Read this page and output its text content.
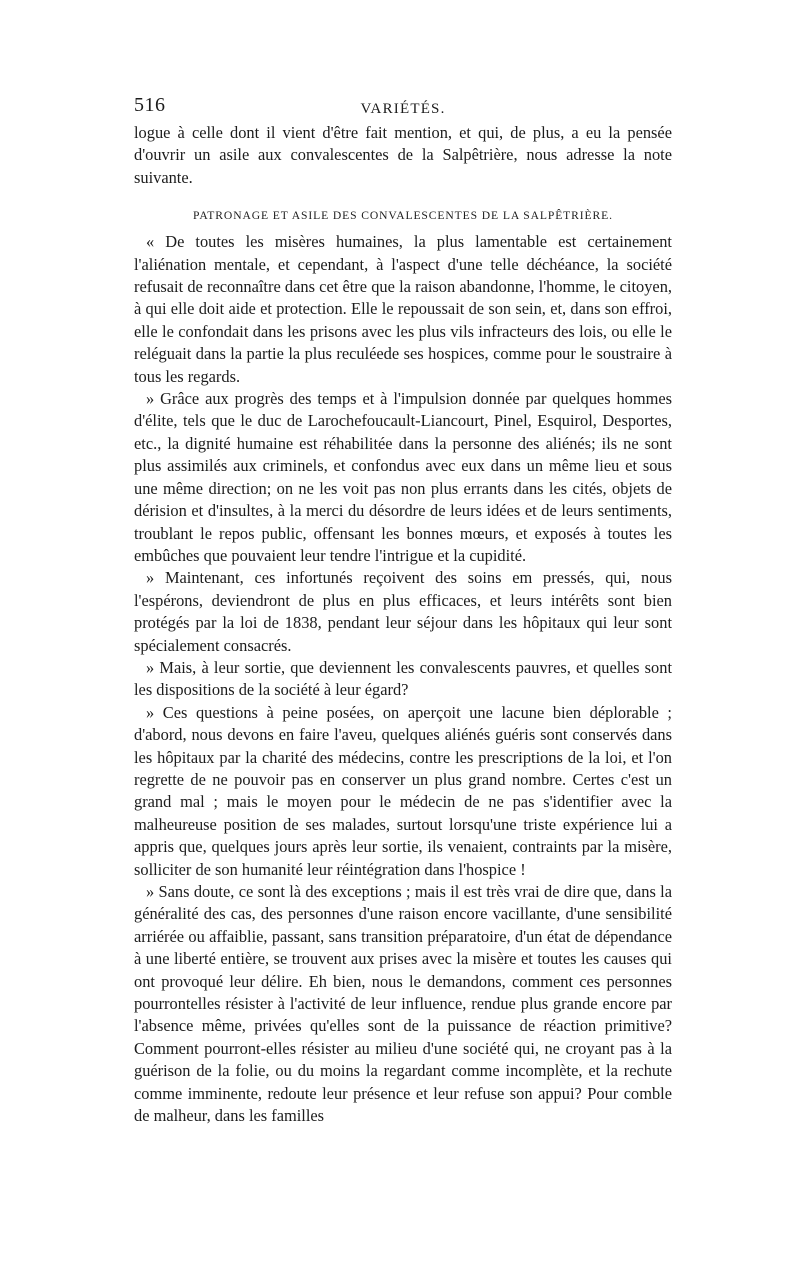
516	VARIÉTÉS.

logue à celle dont il vient d'être fait mention, et qui, de plus, a eu la pensée d'ouvrir un asile aux convalescentes de la Salpêtrière, nous adresse la note suivante.

PATRONAGE ET ASILE DES CONVALESCENTES DE LA SALPÊTRIÈRE.

« De toutes les misères humaines, la plus lamentable est certainement l'aliénation mentale, et cependant, à l'aspect d'une telle déchéance, la société refusait de reconnaître dans cet être que la raison abandonne, l'homme, le citoyen, à qui elle doit aide et protection. Elle le repoussait de son sein, et, dans son effroi, elle le confondait dans les prisons avec les plus vils infracteurs des lois, ou elle le reléguait dans la partie la plus reculéede ses hospices, comme pour le soustraire à tous les regards.

» Grâce aux progrès des temps et à l'impulsion donnée par quelques hommes d'élite, tels que le duc de Larochefoucault-Liancourt, Pinel, Esquirol, Desportes, etc., la dignité humaine est réhabilitée dans la personne des aliénés; ils ne sont plus assimilés aux criminels, et confondus avec eux dans un même lieu et sous une même direction; on ne les voit pas non plus errants dans les cités, objets de dérision et d'insultes, à la merci du désordre de leurs idées et de leurs sentiments, troublant le repos public, offensant les bonnes mœurs, et exposés à toutes les embûches que pouvaient leur tendre l'intrigue et la cupidité.

» Maintenant, ces infortunés reçoivent des soins em pressés, qui, nous l'espérons, deviendront de plus en plus efficaces, et leurs intérêts sont bien protégés par la loi de 1838, pendant leur séjour dans les hôpitaux qui leur sont spécialement consacrés.

» Mais, à leur sortie, que deviennent les convalescents pauvres, et quelles sont les dispositions de la société à leur égard?

» Ces questions à peine posées, on aperçoit une lacune bien déplorable ; d'abord, nous devons en faire l'aveu, quelques aliénés guéris sont conservés dans les hôpitaux par la charité des médecins, contre les prescriptions de la loi, et l'on regrette de ne pouvoir pas en conserver un plus grand nombre. Certes c'est un grand mal ; mais le moyen pour le médecin de ne pas s'identifier avec la malheureuse position de ses malades, surtout lorsqu'une triste expérience lui a appris que, quelques jours après leur sortie, ils venaient, contraints par la misère, solliciter de son humanité leur réintégration dans l'hospice !

» Sans doute, ce sont là des exceptions ; mais il est très vrai de dire que, dans la généralité des cas, des personnes d'une raison encore vacillante, d'une sensibilité arriérée ou affaiblie, passant, sans transition préparatoire, d'un état de dépendance à une liberté entière, se trouvent aux prises avec la misère et toutes les causes qui ont provoqué leur délire. Eh bien, nous le demandons, comment ces personnes pourrontelles résister à l'activité de leur influence, rendue plus grande encore par l'absence même, privées qu'elles sont de la puissance de réaction primitive? Comment pourront-elles résister au milieu d'une société qui, ne croyant pas à la guérison de la folie, ou du moins la regardant comme incomplète, et la rechute comme imminente, redoute leur présence et leur refuse son appui? Pour comble de malheur, dans les familles
